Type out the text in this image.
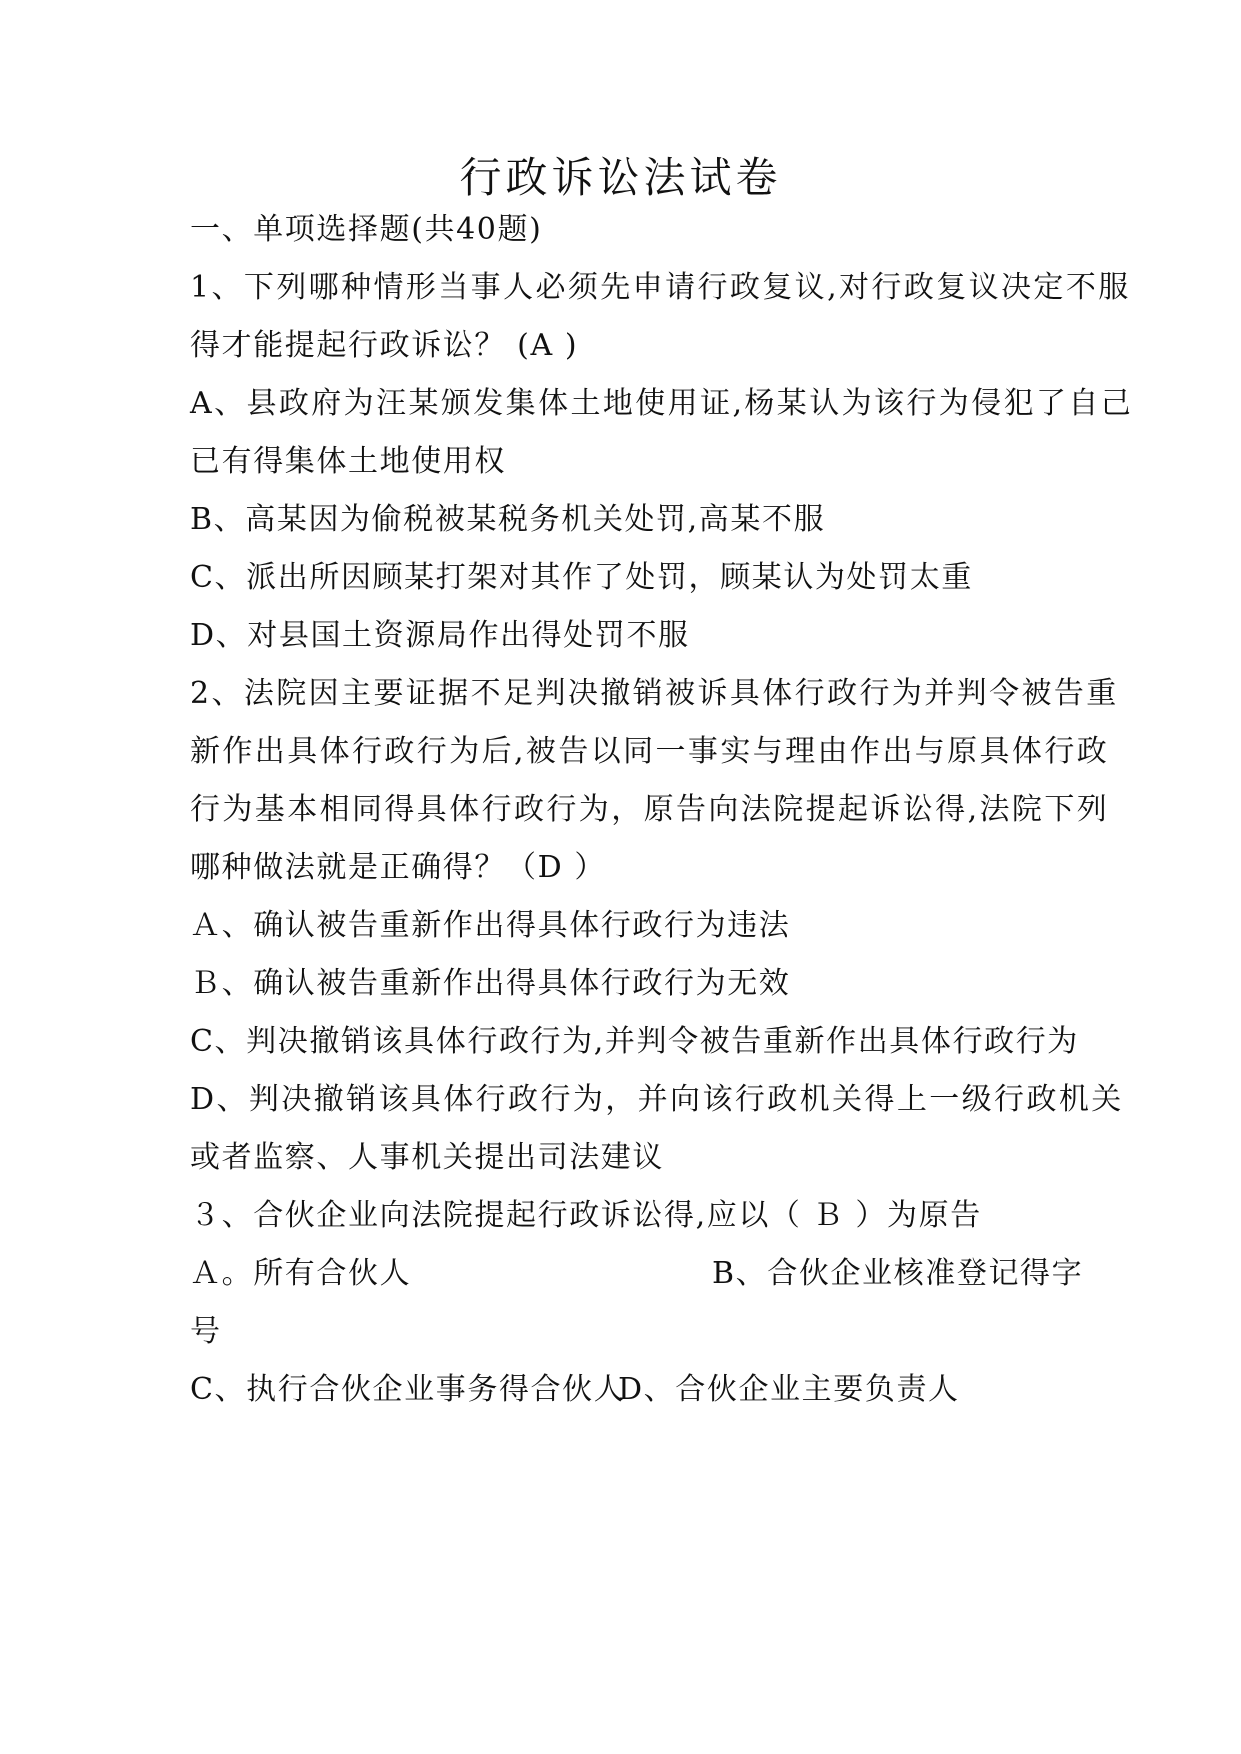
行政诉讼法试卷
一、单项选择题(共40题)
1、下列哪种情形当事人必须先申请行政复议,对行政复议决定不服
得才能提起行政诉讼？ (A )
A、县政府为汪某颁发集体土地使用证,杨某认为该行为侵犯了自己
已有得集体土地使用权
B、高某因为偷税被某税务机关处罚,高某不服
C、派出所因顾某打架对其作了处罚，顾某认为处罚太重
D、对县国土资源局作出得处罚不服
2、法院因主要证据不足判决撤销被诉具体行政行为并判令被告重
新作出具体行政行为后,被告以同一事实与理由作出与原具体行政
行为基本相同得具体行政行为，原告向法院提起诉讼得,法院下列
哪种做法就是正确得？（D ）
Ａ、确认被告重新作出得具体行政行为违法
Ｂ、确认被告重新作出得具体行政行为无效
C、判决撤销该具体行政行为,并判令被告重新作出具体行政行为
D、判决撤销该具体行政行为，并向该行政机关得上一级行政机关
或者监察、人事机关提出司法建议
３、合伙企业向法院提起行政诉讼得,应以（ Ｂ ）为原告
Ａ。所有合伙人	B、合伙企业核准登记得字
号
C、执行合伙企业事务得合伙人
D、合伙企业主要负责人
